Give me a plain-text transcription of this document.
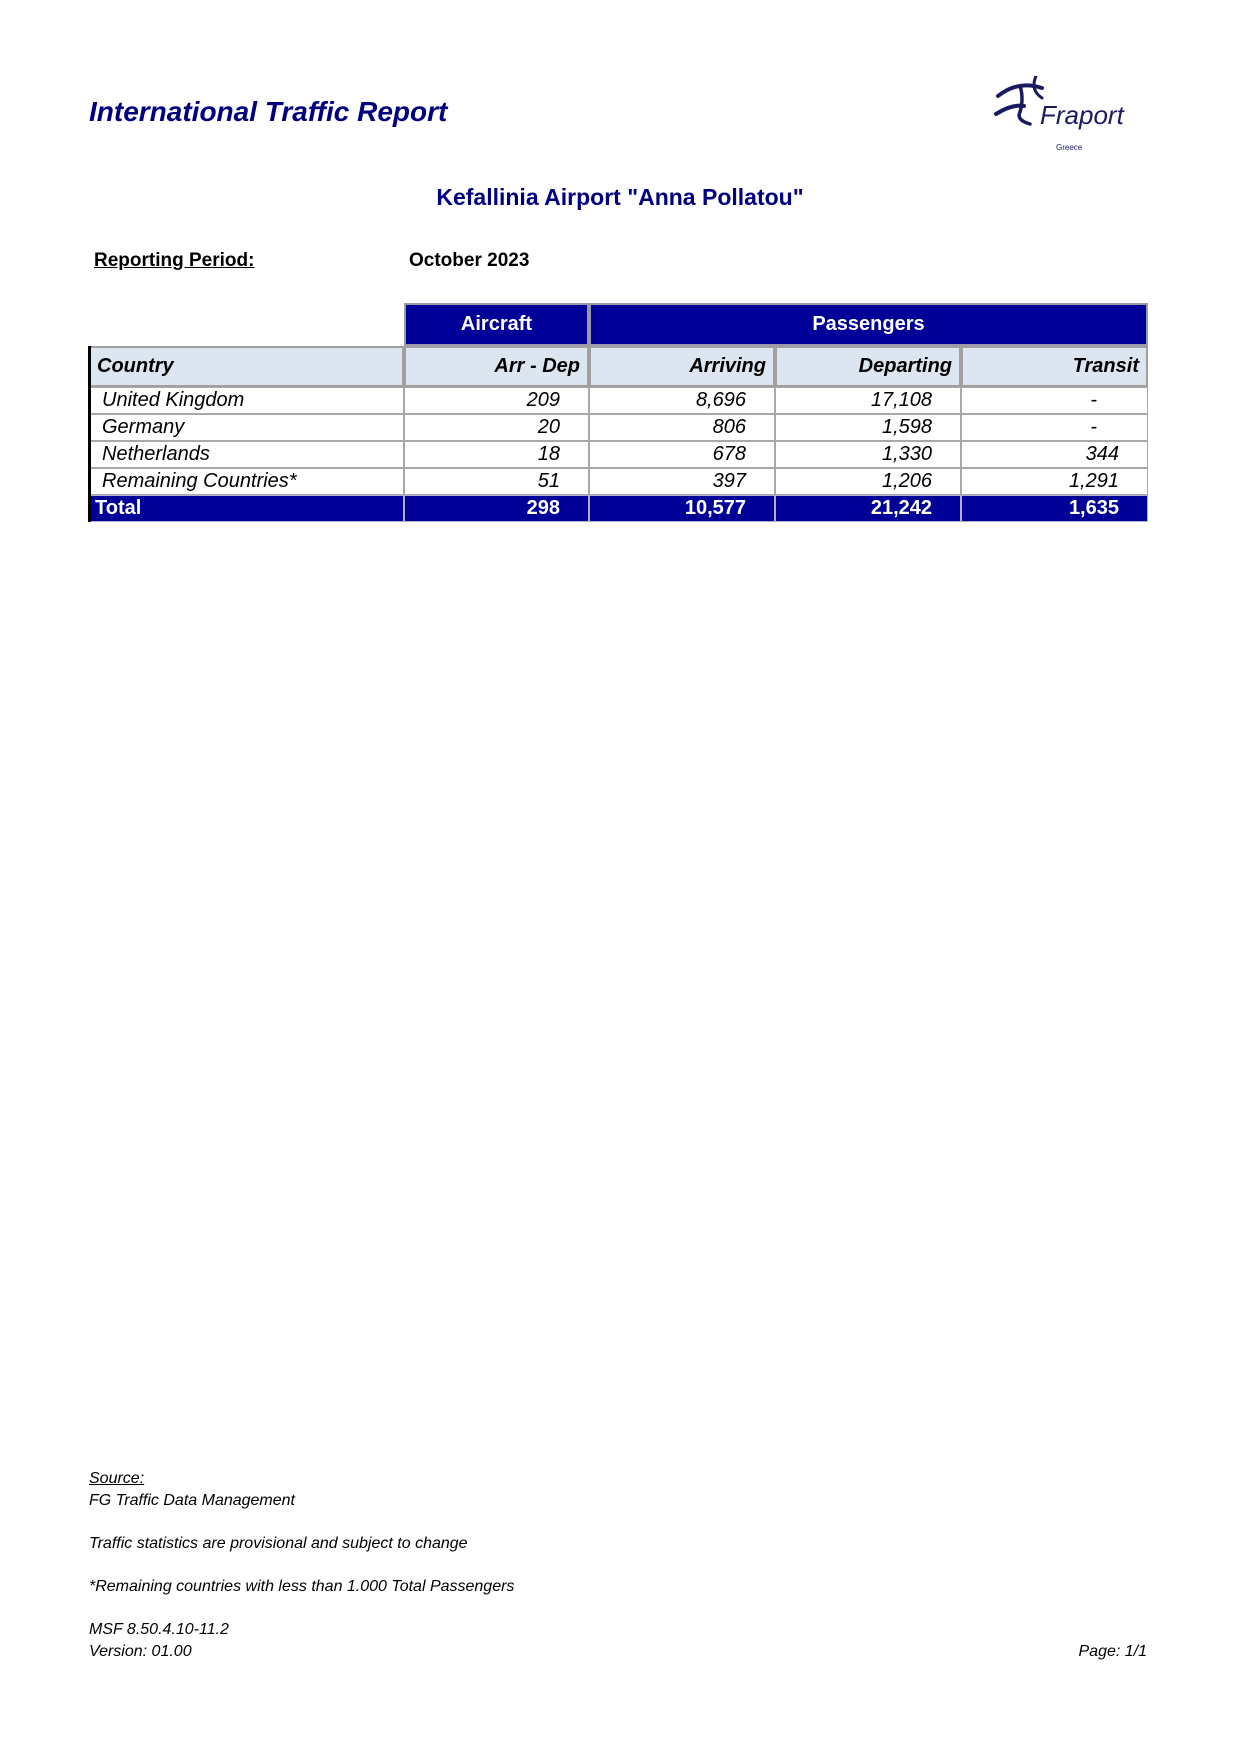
International Traffic Report	Fraport
Greece
Kefallinia Airport "Anna Pollatou"
Reporting Period:	October 2023
Aircraft	Passengers
Country	Arr - Dep	Arriving	Departing	Transit
United Kingdom	209	8,696	17,108	-
Germany	20	806	1,598	-
Netherlands	18	678	1,330	344
Remaining Countries*	51	397	1,206	1,291
Total	298	10,577	21,242	1,635
Source:
FG Traffic Data Management
Traffic statistics are provisional and subject to change
*Remaining countries with less than 1.000 Total Passengers
MSF 8.50.4.10-11.2
Version: 01.00	Page: 1/1
